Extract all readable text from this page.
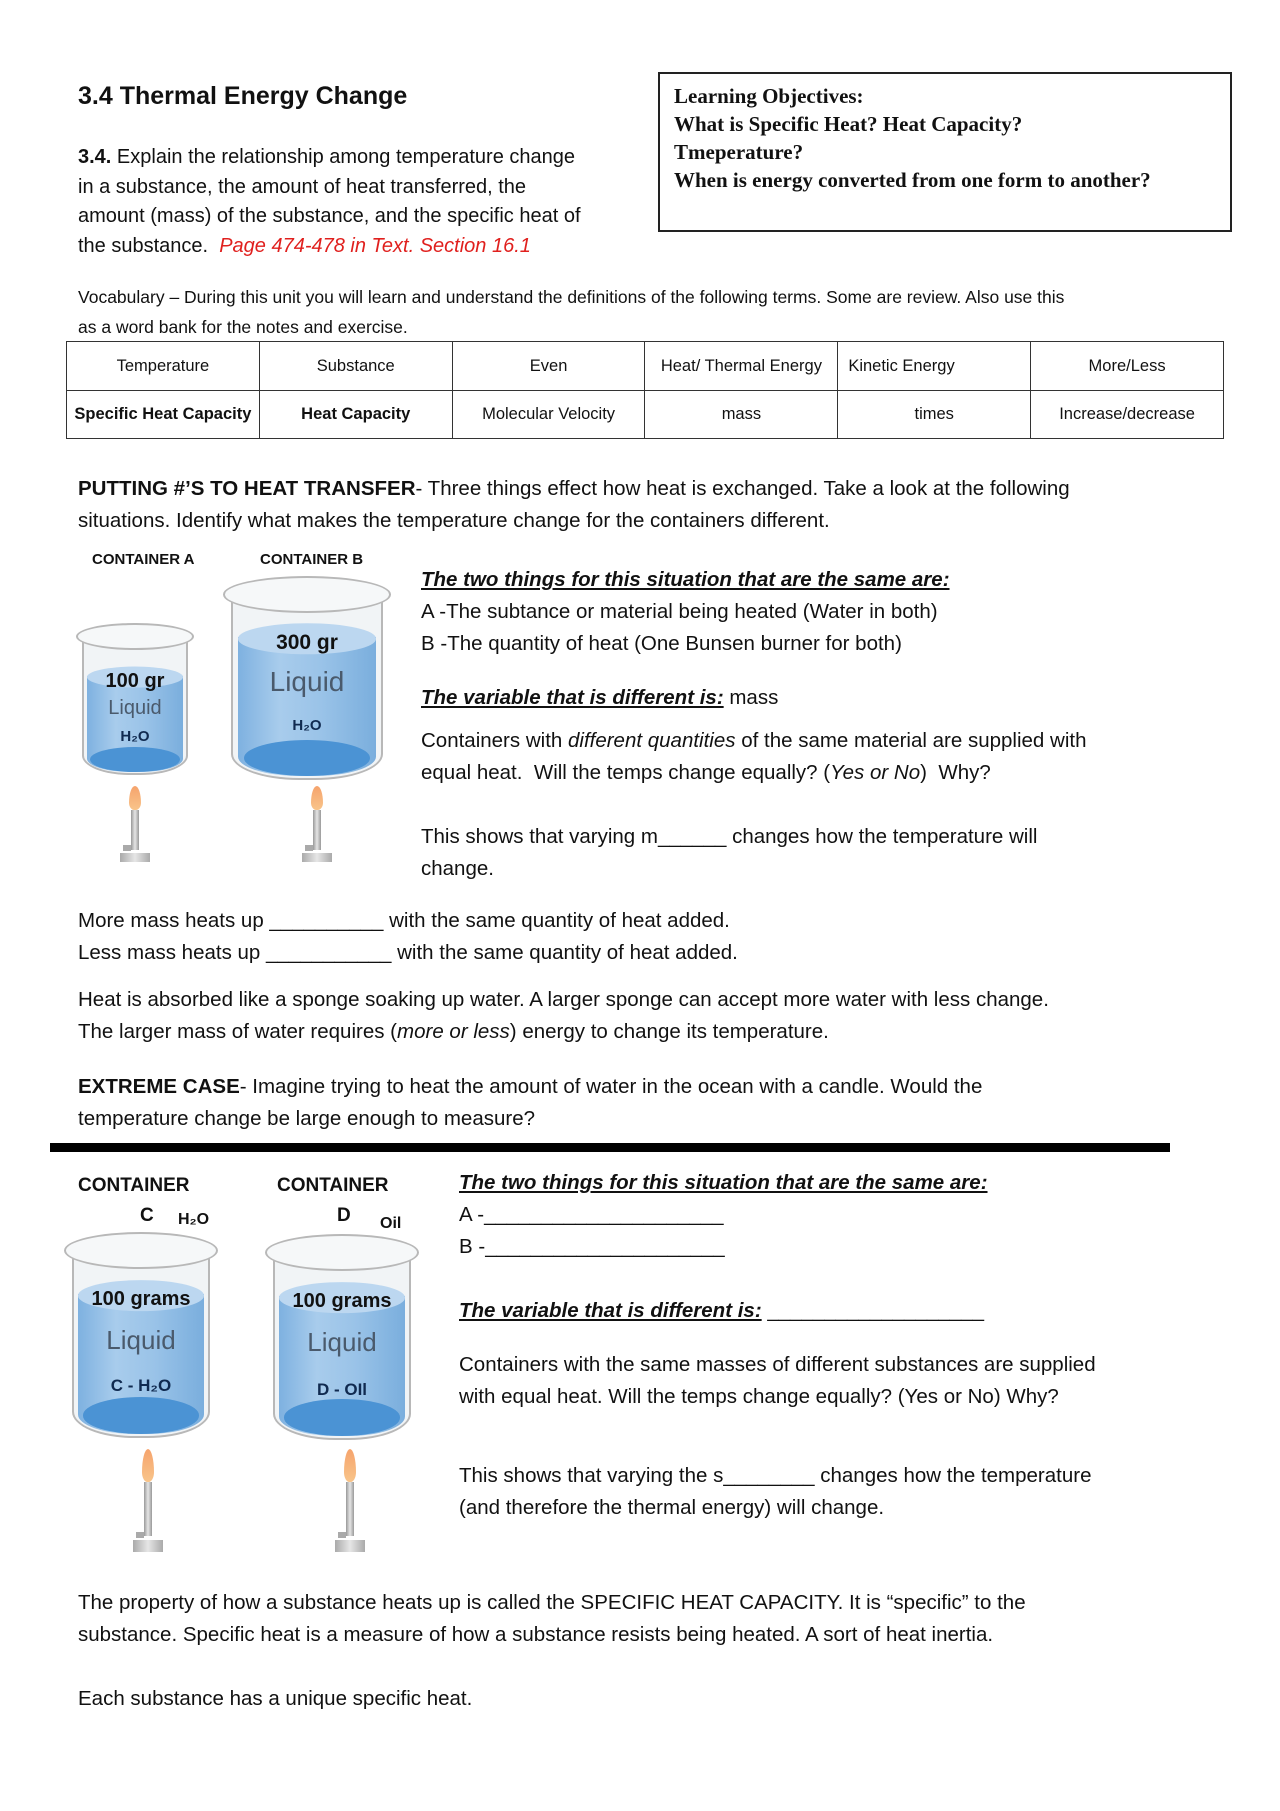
3.4 Thermal Energy Change
3.4. Explain the relationship among temperature change
in a substance, the amount of heat transferred, the
amount (mass) of the substance, and the specific heat of
the substance.  Page 474-478 in Text. Section 16.1
Learning Objectives:
What is Specific Heat? Heat Capacity?
Tmeperature?
When is energy converted from one form to another?
Vocabulary – During this unit you will learn and understand the definitions of the following terms. Some are review. Also use this
as a word bank for the notes and exercise.
Temperature	Substance	Even	Heat/ Thermal Energy	Kinetic Energy	More/Less
Specific Heat Capacity	Heat Capacity	Molecular Velocity	mass	times	Increase/decrease
PUTTING #’S TO HEAT TRANSFER- Three things effect how heat is exchanged. Take a look at the following
situations. Identify what makes the temperature change for the containers different.
CONTAINER A	CONTAINER B
100 gr
Liquid
H₂O
300 gr
Liquid
H₂O
The two things for this situation that are the same are:
A -The subtance or material being heated (Water in both)
B -The quantity of heat (One Bunsen burner for both)
The variable that is different is: mass
Containers with different quantities of the same material are supplied with
equal heat.  Will the temps change equally? (Yes or No)  Why?
This shows that varying m______ changes how the temperature will
change.
More mass heats up __________ with the same quantity of heat added.
Less mass heats up ___________ with the same quantity of heat added.
Heat is absorbed like a sponge soaking up water. A larger sponge can accept more water with less change.
The larger mass of water requires (more or less) energy to change its temperature.
EXTREME CASE- Imagine trying to heat the amount of water in the ocean with a candle. Would the
temperature change be large enough to measure?
CONTAINER
C H₂O
CONTAINER
D Oil
100 grams
Liquid
C - H₂O
100 grams
Liquid
D - OIl
The two things for this situation that are the same are:
A -_____________________
B -_____________________
The variable that is different is: ___________________
Containers with the same masses of different substances are supplied
with equal heat. Will the temps change equally? (Yes or No) Why?
This shows that varying the s________ changes how the temperature
(and therefore the thermal energy) will change.
The property of how a substance heats up is called the SPECIFIC HEAT CAPACITY. It is “specific” to the
substance. Specific heat is a measure of how a substance resists being heated. A sort of heat inertia.
Each substance has a unique specific heat.
